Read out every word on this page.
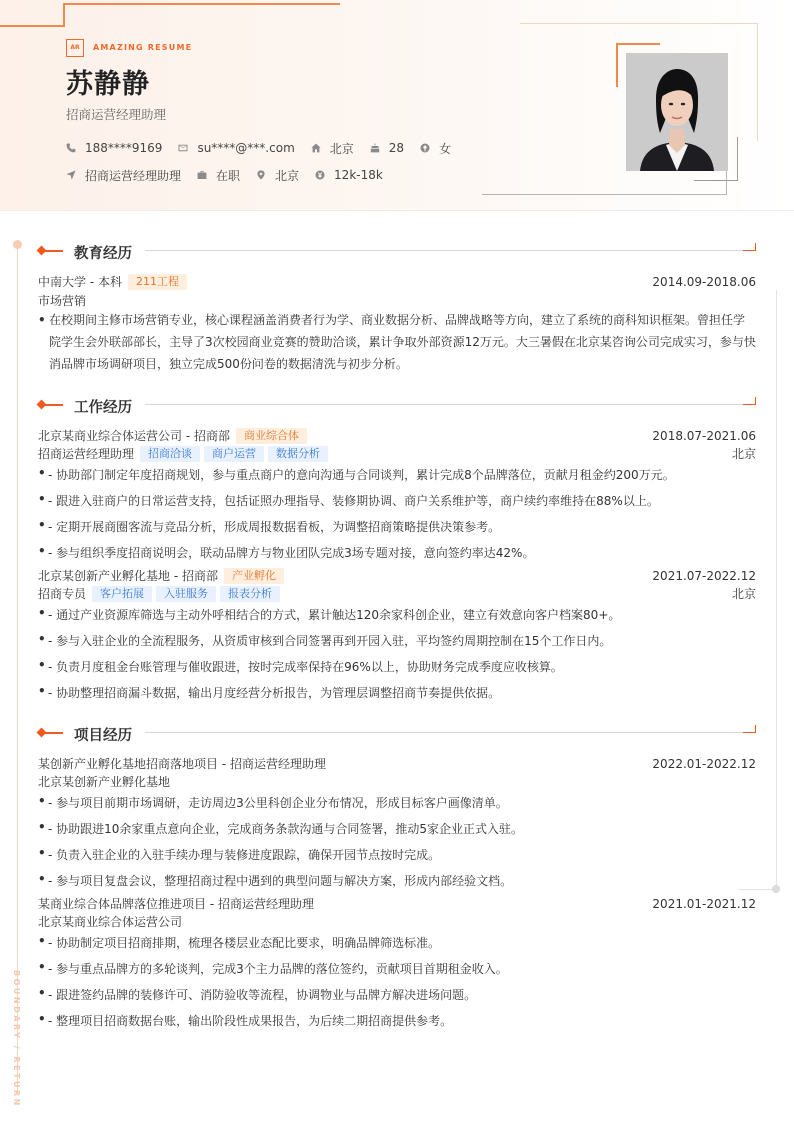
AR	AMAZING RESUME
苏静静
招商运营经理助理
188****9169	su****@***.com	北京	28	女
招商运营经理助理	在职	北京	12k-18k
BOUNDARY / RETURN
教育经历
中南大学 - 本科	211工程	2014.09-2018.06
市场营销
• 在校期间主修市场营销专业，核心课程涵盖消费者行为学、商业数据分析、品牌战略等方向，建立了系统的商科知识框架。曾担任学院学生会外联部部长，主导了3次校园商业竞赛的赞助洽谈，累计争取外部资源12万元。大三暑假在北京某咨询公司完成实习，参与快消品牌市场调研项目，独立完成500份问卷的数据清洗与初步分析。
工作经历
北京某商业综合体运营公司 - 招商部	商业综合体	2018.07-2021.06
招商运营经理助理	招商洽谈	商户运营	数据分析	北京
• - 协助部门制定年度招商规划，参与重点商户的意向沟通与合同谈判，累计完成8个品牌落位，贡献月租金约200万元。
• - 跟进入驻商户的日常运营支持，包括证照办理指导、装修期协调、商户关系维护等，商户续约率维持在88%以上。
• - 定期开展商圈客流与竞品分析，形成周报数据看板，为调整招商策略提供决策参考。
• - 参与组织季度招商说明会，联动品牌方与物业团队完成3场专题对接，意向签约率达42%。
北京某创新产业孵化基地 - 招商部	产业孵化	2021.07-2022.12
招商专员	客户拓展	入驻服务	报表分析	北京
• - 通过产业资源库筛选与主动外呼相结合的方式，累计触达120余家科创企业，建立有效意向客户档案80+。
• - 参与入驻企业的全流程服务，从资质审核到合同签署再到开园入驻，平均签约周期控制在15个工作日内。
• - 负责月度租金台账管理与催收跟进，按时完成率保持在96%以上，协助财务完成季度应收核算。
• - 协助整理招商漏斗数据，输出月度经营分析报告，为管理层调整招商节奏提供依据。
项目经历
某创新产业孵化基地招商落地项目 - 招商运营经理助理	2022.01-2022.12
北京某创新产业孵化基地
• - 参与项目前期市场调研，走访周边3公里科创企业分布情况，形成目标客户画像清单。
• - 协助跟进10余家重点意向企业，完成商务条款沟通与合同签署，推动5家企业正式入驻。
• - 负责入驻企业的入驻手续办理与装修进度跟踪，确保开园节点按时完成。
• - 参与项目复盘会议，整理招商过程中遇到的典型问题与解决方案，形成内部经验文档。
某商业综合体品牌落位推进项目 - 招商运营经理助理	2021.01-2021.12
北京某商业综合体运营公司
• - 协助制定项目招商排期，梳理各楼层业态配比要求，明确品牌筛选标准。
• - 参与重点品牌方的多轮谈判，完成3个主力品牌的落位签约，贡献项目首期租金收入。
• - 跟进签约品牌的装修许可、消防验收等流程，协调物业与品牌方解决进场问题。
• - 整理项目招商数据台账，输出阶段性成果报告，为后续二期招商提供参考。
